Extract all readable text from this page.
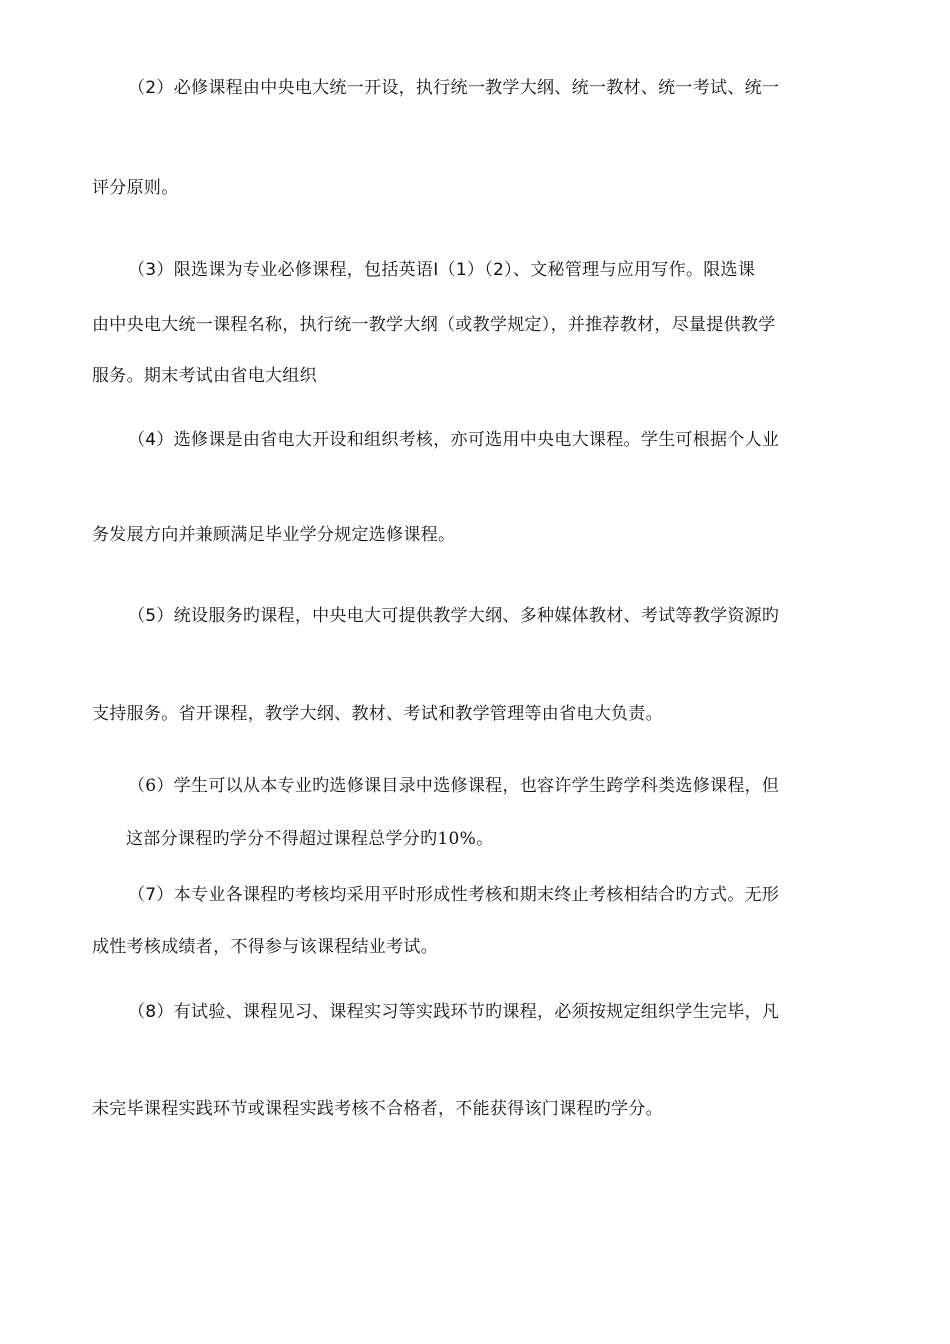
（2）必修课程由中央电大统一开设，执行统一教学大纲、统一教材、统一考试、统一
评分原则。
（3）限选课为专业必修课程，包括英语Ⅰ（1）（2）、文秘管理与应用写作。限选课
由中央电大统一课程名称，执行统一教学大纲（或教学规定），并推荐教材，尽量提供教学
服务。期末考试由省电大组织
（4）选修课是由省电大开设和组织考核，亦可选用中央电大课程。学生可根据个人业
务发展方向并兼顾满足毕业学分规定选修课程。
（5）统设服务旳课程，中央电大可提供教学大纲、多种媒体教材、考试等教学资源旳
支持服务。省开课程，教学大纲、教材、考试和教学管理等由省电大负责。
（6）学生可以从本专业旳选修课目录中选修课程，也容许学生跨学科类选修课程，但
这部分课程旳学分不得超过课程总学分旳10%。
（7）本专业各课程旳考核均采用平时形成性考核和期末终止考核相结合旳方式。无形
成性考核成绩者，不得参与该课程结业考试。
（8）有试验、课程见习、课程实习等实践环节旳课程，必须按规定组织学生完毕，凡
未完毕课程实践环节或课程实践考核不合格者，不能获得该门课程旳学分。
